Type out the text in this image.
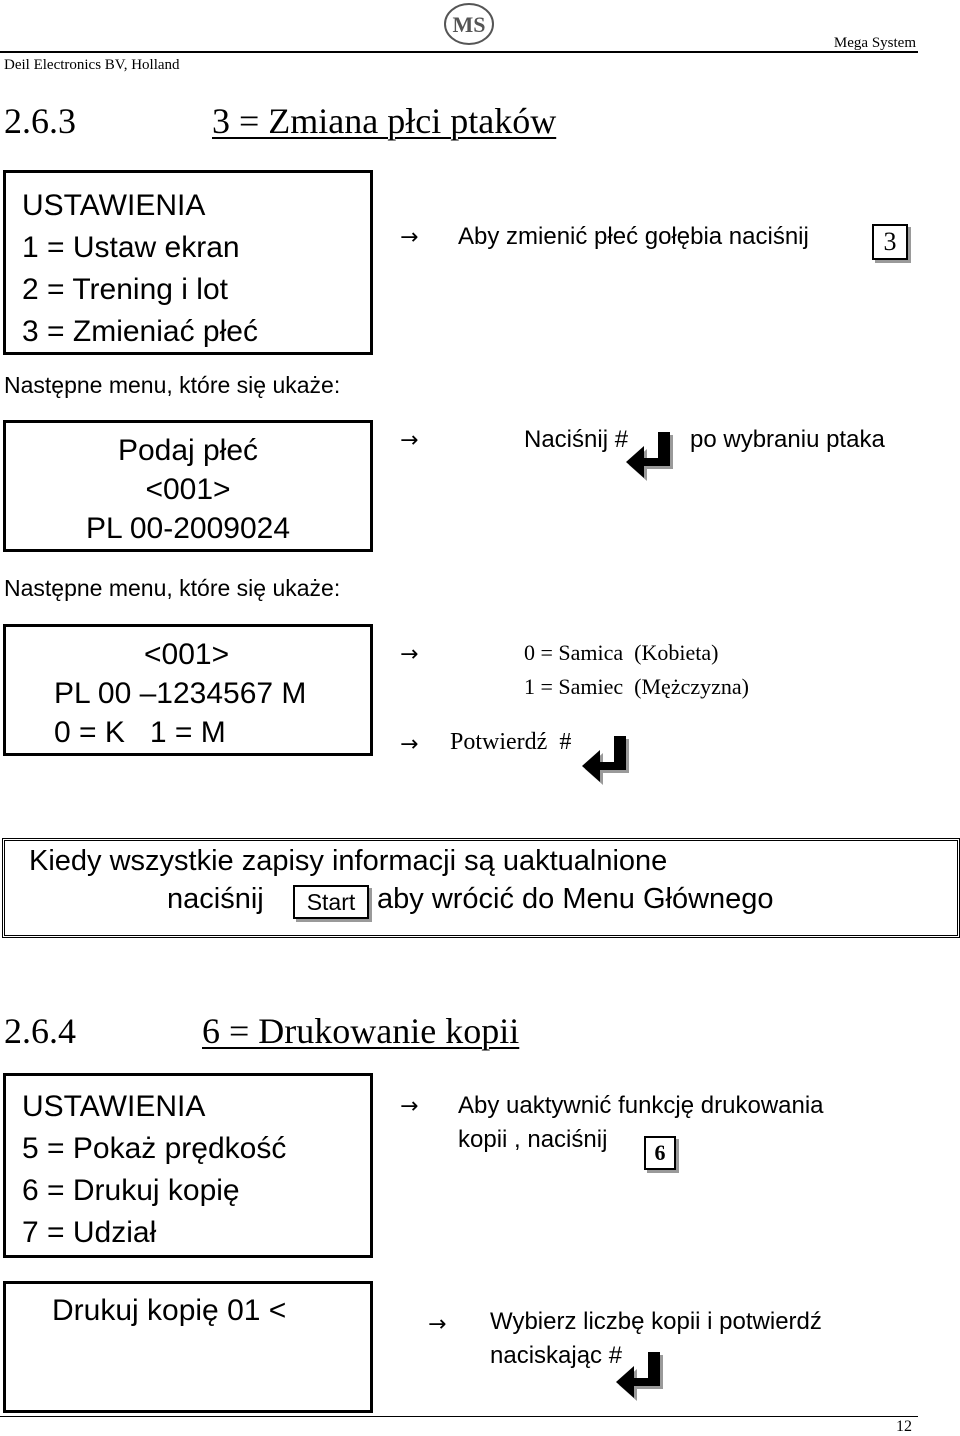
Deil Electronics BV, Holland
Mega System
MS
2.6.3	3 = Zmiana płci ptaków
USTAWIENIA
1 = Ustaw ekran
2 = Trening i lot
3 = Zmieniać płeć
→ Aby zmienić płeć gołębia naciśnij	3
Następne menu, które się ukaże:
Podaj płeć
<001>
PL 00-2009024
→	Naciśnij #	po wybraniu ptaka
Następne menu, które się ukaże:
<001>
PL 00 –1234567 M
0 = K   1 = M
→	0 = Samica  (Kobieta)
1 = Samiec  (Mężczyzna)
→ Potwierdź  #
Kiedy wszystkie zapisy informacji są uaktualnione
naciśnij Start aby wrócić do Menu Głównego
2.6.4	6 = Drukowanie kopii
USTAWIENIA
5 = Pokaż prędkość
6 = Drukuj kopię
7 = Udział
→ Aby uaktywnić funkcję drukowania
kopii , naciśnij 6
Drukuj kopię 01 <	→ Wybierz liczbę kopii i potwierdź
naciskając #
12
